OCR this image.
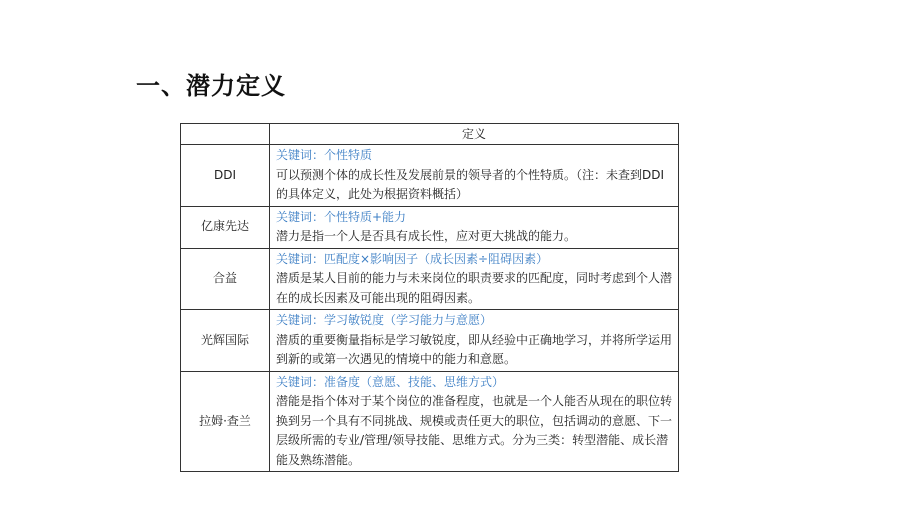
一、潜力定义
	定义
DDI	关键词：个性特质
可以预测个体的成长性及发展前景的领导者的个性特质。（注：未查到DDI的具体定义，此处为根据资料概括）

亿康先达	关键词：个性特质+能力
潜力是指一个人是否具有成长性，应对更大挑战的能力。

合益	关键词：匹配度×影响因子（成长因素÷阻碍因素）
潜质是某人目前的能力与未来岗位的职责要求的匹配度，同时考虑到个人潜在的成长因素及可能出现的阻碍因素。

光辉国际	关键词：学习敏锐度（学习能力与意愿）
潜质的重要衡量指标是学习敏锐度，即从经验中正确地学习，并将所学运用到新的或第一次遇见的情境中的能力和意愿。

拉姆·查兰	关键词：准备度（意愿、技能、思维方式）
潜能是指个体对于某个岗位的准备程度，也就是一个人能否从现在的职位转换到另一个具有不同挑战、规模或责任更大的职位，包括调动的意愿、下一层级所需的专业/管理/领导技能、思维方式。分为三类：转型潜能、成长潜能及熟练潜能。
